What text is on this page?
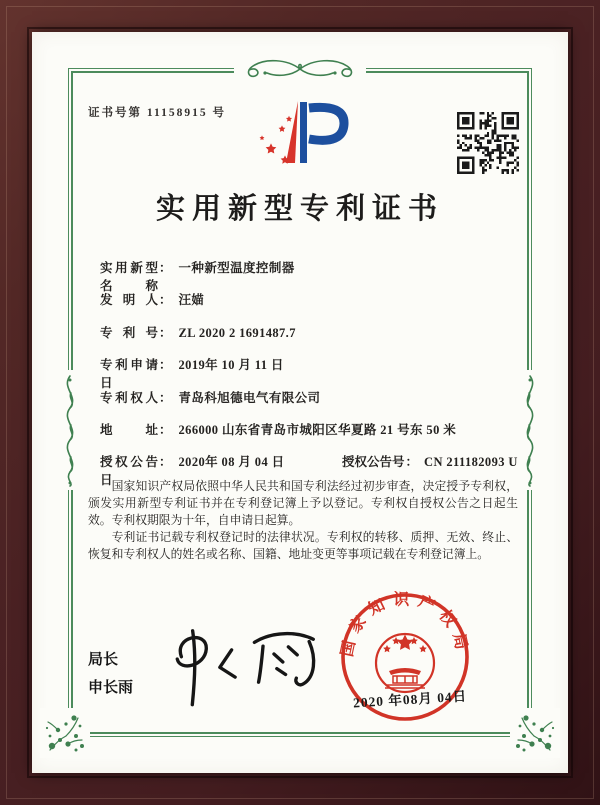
证书号第 11158915 号
实用新型专利证书
实用新型名称： 一种新型温度控制器
发明人： 汪媌
专利号： ZL 2020 2 1691487.7
专利申请日： 2019年 10 月 11 日
专利权人： 青岛科旭德电气有限公司
地址： 266000 山东省青岛市城阳区华夏路 21 号东 50 米
授权公告日： 2020年 08 月 04 日	授权公告号： CN 211182093 U

国家知识产权局依照中华人民共和国专利法经过初步审查，决定授予专利权，颁发实用新型专利证书并在专利登记簿上予以登记。专利权自授权公告之日起生效。专利权期限为十年，自申请日起算。

专利证书记载专利权登记时的法律状况。专利权的转移、质押、无效、终止、恢复和专利权人的姓名或名称、国籍、地址变更等事项记载在专利登记簿上。

局长
申长雨
国家知识产权局
2020 年08月 04日
